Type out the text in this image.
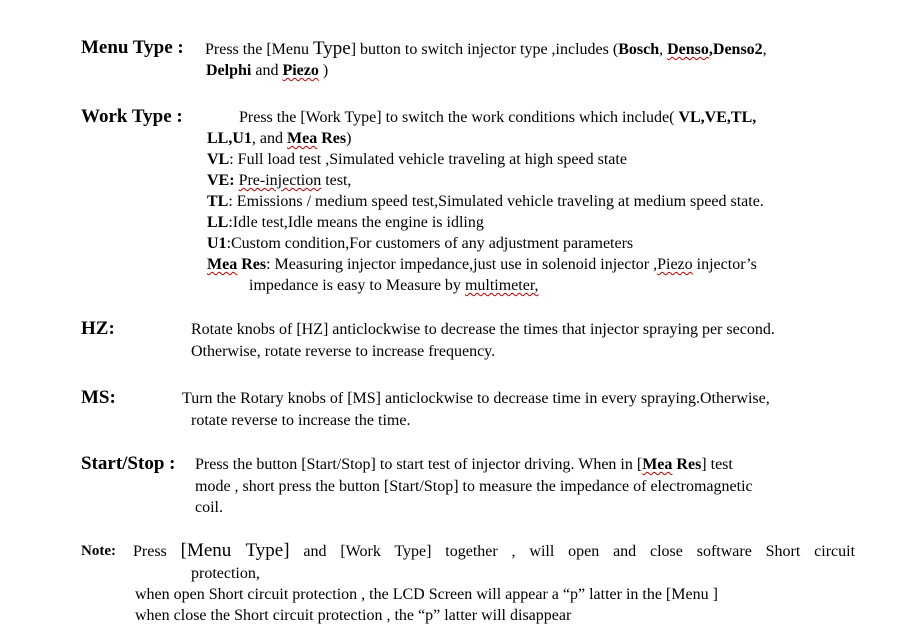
Menu Type : Press the [Menu Type] button to switch injector type ,includes (Bosch, Denso,Denso2,
Delphi and Piezo )
Work Type :	Press the [Work Type] to switch the work conditions which include( VL,VE,TL,
LL,U1, and Mea Res)
VL: Full load test ,Simulated vehicle traveling at high speed state
VE: Pre-injection test,
TL: Emissions / medium speed test,Simulated vehicle traveling at medium speed state.
LL:Idle test,Idle means the engine is idling
U1:Custom condition,For customers of any adjustment parameters
Mea Res: Measuring injector impedance,just use in solenoid injector ,Piezo injector’s
impedance is easy to Measure by multimeter,
HZ:	Rotate knobs of [HZ] anticlockwise to decrease the times that injector spraying per second.
Otherwise, rotate reverse to increase frequency.
MS:	Turn the Rotary knobs of [MS] anticlockwise to decrease time in every spraying.Otherwise,
rotate reverse to increase the time.
Start/Stop : Press the button [Start/Stop] to start test of injector driving. When in [Mea Res] test
mode , short press the button [Start/Stop] to measure the impedance of electromagnetic
coil.
Note: Press [Menu Type] and [Work Type] together , will open and close software Short circuit
protection,
when open Short circuit protection , the LCD Screen will appear a “p” latter in the [Menu ]
when close the Short circuit protection , the “p” latter will disappear
